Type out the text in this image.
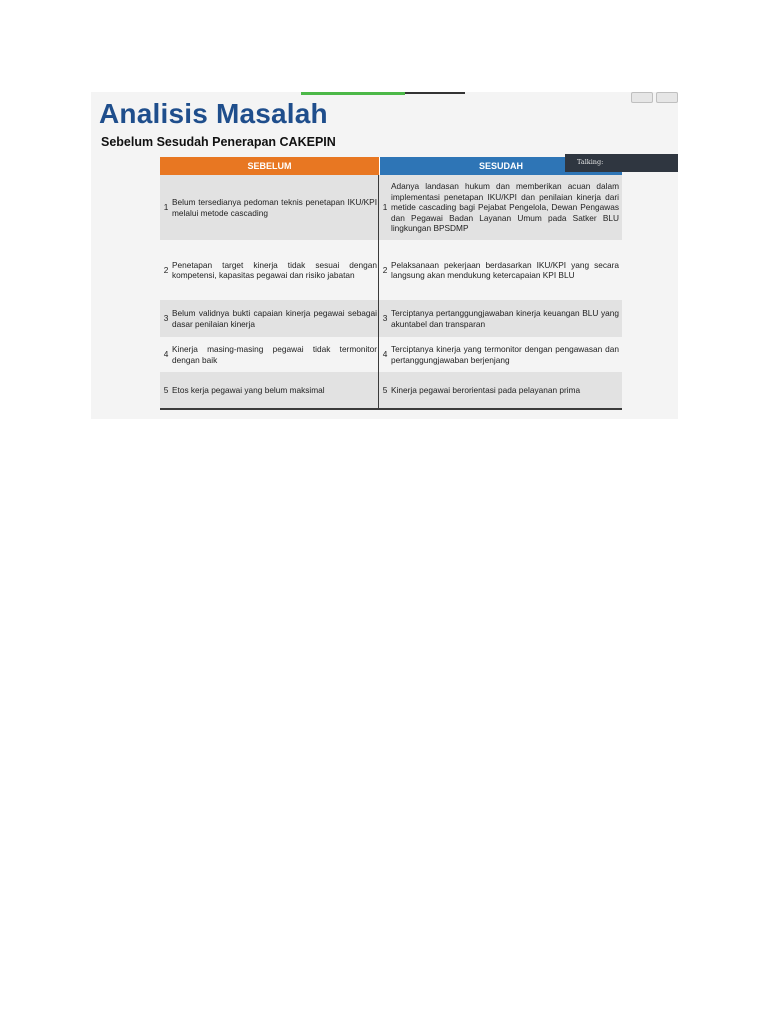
Analisis Masalah
Sebelum Sesudah Penerapan CAKEPIN
SEBELUM	SESUDAH
1
Belum tersedianya pedoman teknis penetapan IKU/KPI melalui metode cascading
1
Adanya landasan hukum dan memberikan acuan dalam implementasi penetapan IKU/KPI dan penilaian kinerja dari metide cascading bagi Pejabat Pengelola, Dewan Pengawas dan Pegawai Badan Layanan Umum pada Satker BLU lingkungan BPSDMP
2
Penetapan target kinerja tidak sesuai dengan kompetensi, kapasitas pegawai dan risiko jabatan
2
Pelaksanaan pekerjaan berdasarkan IKU/KPI yang secara langsung akan mendukung ketercapaian KPI BLU
3
Belum validnya bukti capaian kinerja pegawai sebagai dasar penilaian kinerja
3
Terciptanya pertanggungjawaban kinerja keuangan BLU yang akuntabel dan transparan
4
Kinerja masing-masing pegawai tidak termonitor dengan baik
4
Terciptanya kinerja yang termonitor dengan pengawasan dan pertanggungjawaban berjenjang
5 Etos kerja pegawai yang belum maksimal	5 Kinerja pegawai berorientasi pada pelayanan prima
Talking:
